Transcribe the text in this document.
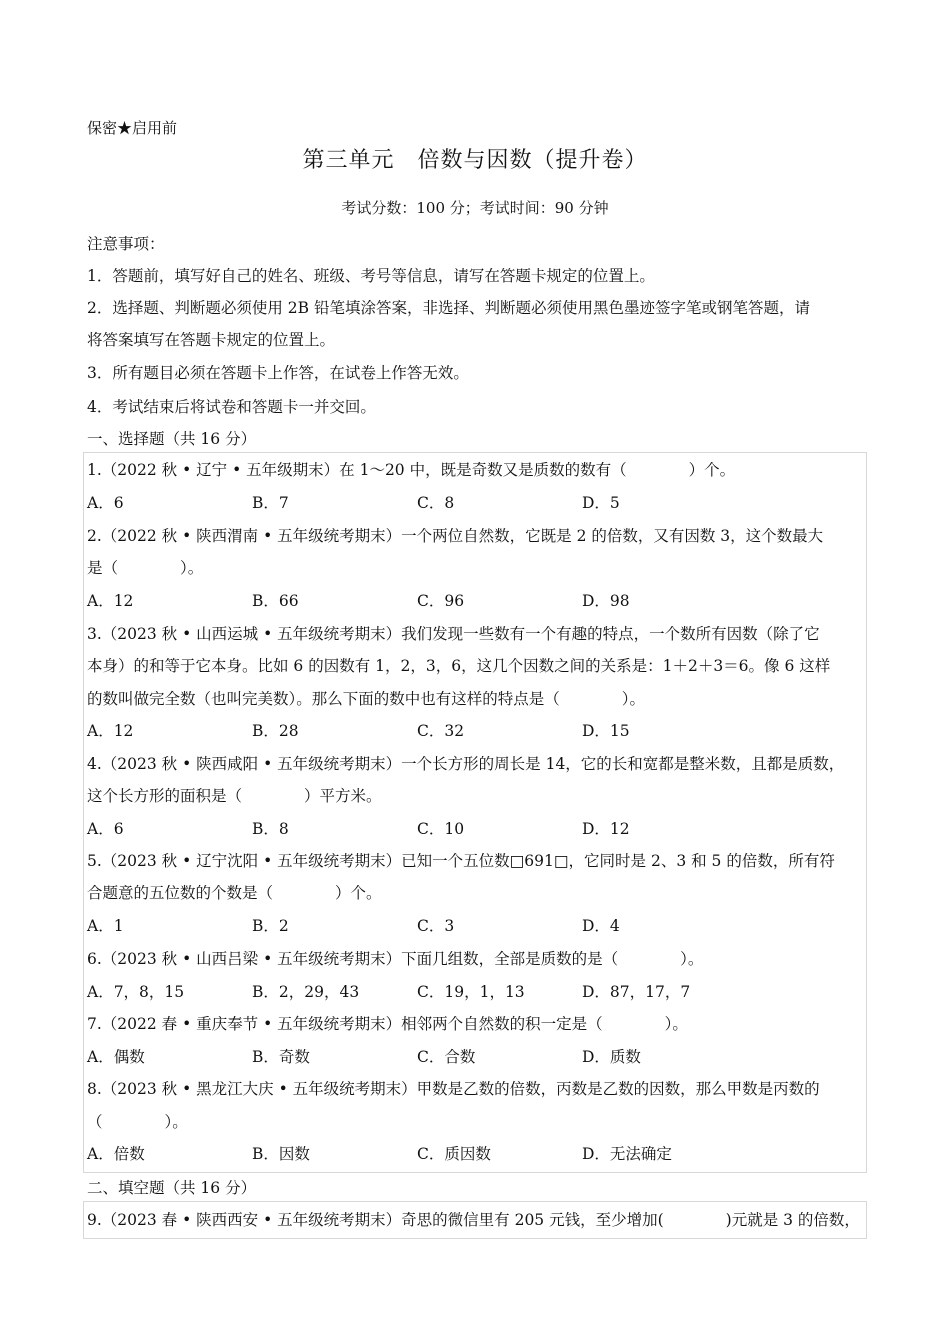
保密★启用前
第三单元　倍数与因数（提升卷）
考试分数：100 分；考试时间：90 分钟
注意事项：
1．答题前，填写好自己的姓名、班级、考号等信息，请写在答题卡规定的位置上。
2．选择题、判断题必须使用 2B 铅笔填涂答案，非选择、判断题必须使用黑色墨迹签字笔或钢笔答题，请
将答案填写在答题卡规定的位置上。
3．所有题目必须在答题卡上作答，在试卷上作答无效。
4．考试结束后将试卷和答题卡一并交回。
一、选择题（共 16 分）
1.（2022 秋 • 辽宁 • 五年级期末）在 1～20 中，既是奇数又是质数的数有（　　　　）个。
A．6	B．7	C．8	D．5
2.（2022 秋 • 陕西渭南 • 五年级统考期末）一个两位自然数，它既是 2 的倍数，又有因数 3，这个数最大
是（　　　　）。
A．12	B．66	C．96	D．98
3.（2023 秋 • 山西运城 • 五年级统考期末）我们发现一些数有一个有趣的特点，一个数所有因数（除了它
本身）的和等于它本身。比如 6 的因数有 1，2，3，6，这几个因数之间的关系是：1＋2＋3＝6。像 6 这样
的数叫做完全数（也叫完美数）。那么下面的数中也有这样的特点是（　　　　）。
A．12	B．28	C．32	D．15
4.（2023 秋 • 陕西咸阳 • 五年级统考期末）一个长方形的周长是 14，它的长和宽都是整米数，且都是质数，
这个长方形的面积是（　　　　）平方米。
A．6	B．8	C．10	D．12
5.（2023 秋 • 辽宁沈阳 • 五年级统考期末）已知一个五位数□691□，它同时是 2、3 和 5 的倍数，所有符
合题意的五位数的个数是（　　　　）个。
A．1	B．2	C．3	D．4
6.（2023 秋 • 山西吕梁 • 五年级统考期末）下面几组数，全部是质数的是（　　　　）。
A．7，8，15	B．2，29，43	C．19，1，13	D．87，17，7
7.（2022 春 • 重庆奉节 • 五年级统考期末）相邻两个自然数的积一定是（　　　　）。
A．偶数	B．奇数	C．合数	D．质数
8.（2023 秋 • 黑龙江大庆 • 五年级统考期末）甲数是乙数的倍数，丙数是乙数的因数，那么甲数是丙数的
（　　　　）。
A．倍数	B．因数	C．质因数	D．无法确定
二、填空题（共 16 分）
9.（2023 春 • 陕西西安 • 五年级统考期末）奇思的微信里有 205 元钱，至少增加(　　　　)元就是 3 的倍数，
